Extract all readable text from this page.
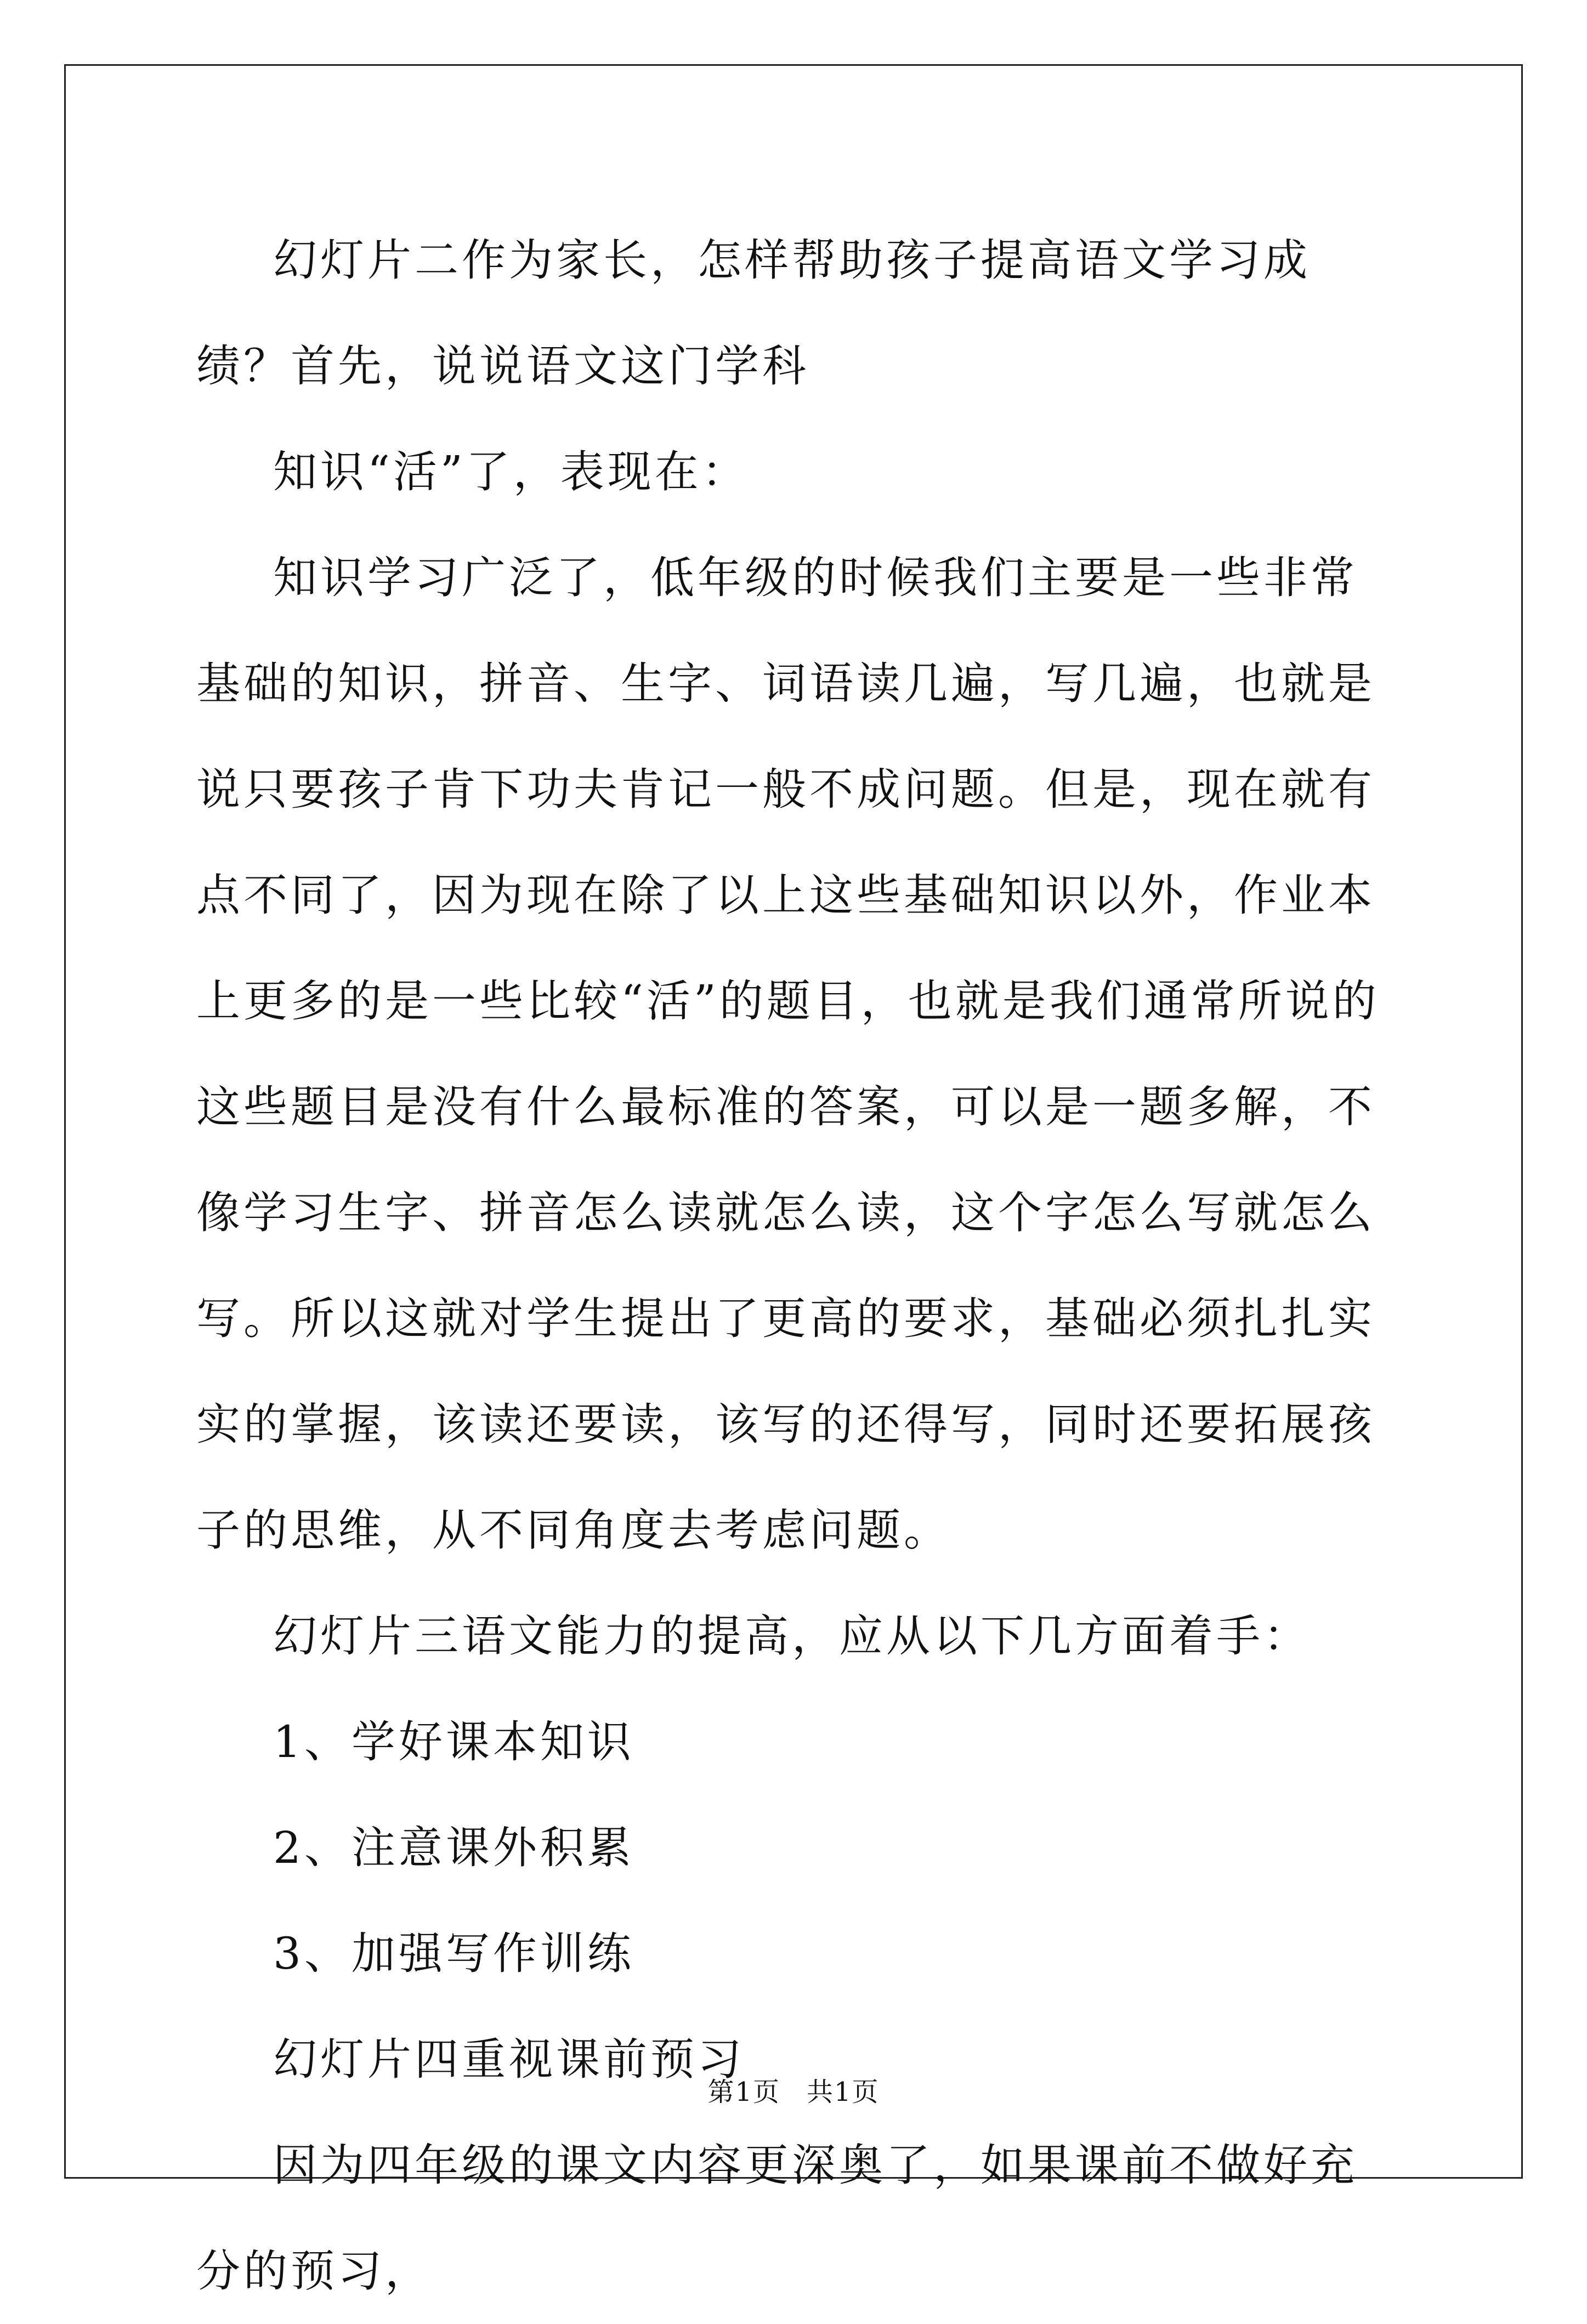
幻灯片二作为家长，怎样帮助孩子提高语文学习成绩？首先，说说语文这门学科

知识“活”了，表现在：

知识学习广泛了，低年级的时候我们主要是一些非常基础的知识，拼音、生字、词语读几遍，写几遍，也就是说只要孩子肯下功夫肯记一般不成问题。但是，现在就有点不同了，因为现在除了以上这些基础知识以外，作业本上更多的是一些比较“活”的题目，也就是我们通常所说的这些题目是没有什么最标准的答案，可以是一题多解，不像学习生字、拼音怎么读就怎么读，这个字怎么写就怎么写。所以这就对学生提出了更高的要求，基础必须扎扎实实的掌握，该读还要读，该写的还得写，同时还要拓展孩子的思维，从不同角度去考虑问题。

幻灯片三语文能力的提高，应从以下几方面着手：

1、学好课本知识

2、注意课外积累

3、加强写作训练

幻灯片四重视课前预习

因为四年级的课文内容更深奥了，如果课前不做好充分的预习，

第1页 共1页
